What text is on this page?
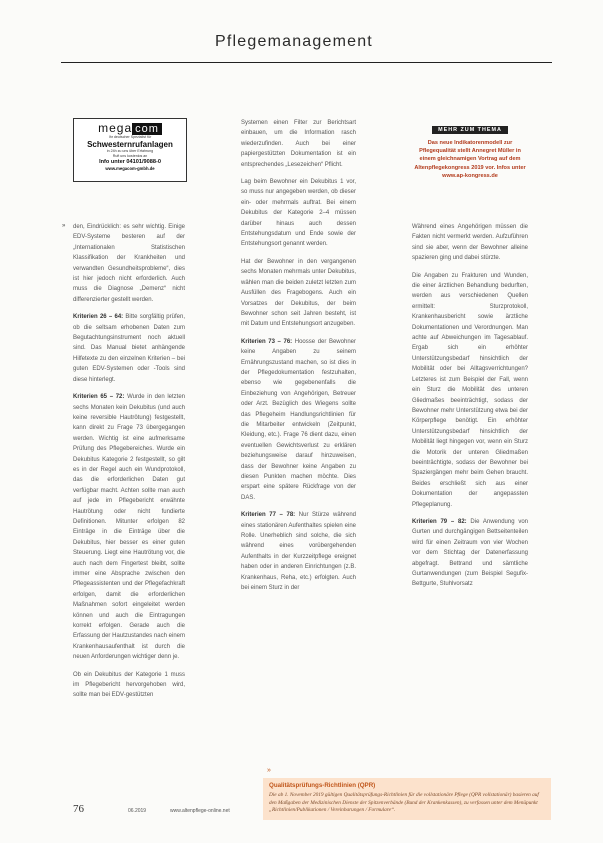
Pflegemanagement
mega com
Ihr deutscher Spezialist für
Schwesternrufanlagen
in 24h zu uns über Erfahrung
Ruft uns kostenlos an
Info unter 04101/9088-0
www.megacom-gmbh.de
MEHR ZUM THEMA
Das neue Indikatorenmodell zur Pflegequalität stellt Annegret Müller in einem gleichnamigen Vortrag auf dem Altenpflegekongress 2019 vor. Infos unter www.ap-kongress.de
» den, Eindrücklich: es sehr wichtig. Einige EDV-Systeme besteren auf der „Internationalen Statistischen Klassifikation der Krankheiten und verwandten Gesundheitsprobleme“, dies ist hier jedoch nicht erforderlich. Auch muss die Diagnose „Demenz“ nicht differenzierter gestellt werden.

Kriterien 26 – 64: Bitte sorgfältig prüfen, ob die seltsam erhobenen Daten zum Begutachtungsinstrument noch aktuell sind. Das Manual bietet anhängende Hilfetexte zu den einzelnen Kriterien – bei guten EDV-Systemen oder -Tools sind diese hinterlegt.

Kriterien 65 – 72: Wurde in den letzten sechs Monaten kein Dekubitus (und auch keine reversible Hautrötung) festgestellt, kann direkt zu Frage 73 übergegangen werden. Wichtig ist eine aufmerksame Prüfung des Pflegebereiches. Wurde ein Dekubitus Kategorie 2 festgestellt, so gilt es in der Regel auch ein Wundprotokoll, das die erforderlichen Daten gut verfügbar macht. Achten sollte man auch auf jede im Pflegebericht erwähnte Hautrötung oder nicht fundierte Definitionen. Mitunter erfolgen 82 Einträge in die Einträge über die Dekubitus, hier besser es einer guten Steuerung. Liegt eine Hautrötung vor, die auch nach dem Fingertest bleibt, sollte immer eine Absprache zwischen den Pflegeassistenten und der Pflegefachkraft erfolgen, damit die erforderlichen Maßnahmen sofort eingeleitet werden können und auch die Eintragungen korrekt erfolgen. Gerade auch die Erfassung der Hautzustandes nach einem Krankenhausaufenthalt ist durch die neuen Anforderungen wichtiger denn je.

Ob ein Dekubitus der Kategorie 1 muss im Pflegebericht hervorgehoben wird, sollte man bei EDV-gestützten

Systemen einen Filter zur Berichtsart einbauen, um die Information rasch wiederzufinden. Auch bei einer papiergestützten Dokumentation ist ein entsprechendes „Lesezeichen“ Pflicht.

Lag beim Bewohner ein Dekubitus 1 vor, so muss nur angegeben werden, ob dieser ein- oder mehrmals auftrat. Bei einem Dekubitus der Kategorie 2–4 müssen darüber hinaus auch dessen Entstehungsdatum und Ende sowie der Entstehungsort genannt werden.

Hat der Bewohner in den vergangenen sechs Monaten mehrmals unter Dekubitus, wählen man die beiden zuletzt letzten zum Ausfüllen des Fragebogens. Auch ein Vorsatzes der Dekubitus, der beim Bewohner schon seit Jahren besteht, ist mit Datum und Entstehungsort anzugeben.

Kriterien 73 – 76: Hoosse der Bewohner keine Angaben zu seinem Ernährungszustand machen, so ist dies in der Pflegedokumentation festzuhalten, ebenso wie gegebenenfalls die Einbeziehung von Angehörigen, Betreuer oder Arzt. Bezüglich des Wiegens sollte das Pflegeheim Handlungsrichtlinien für die Mitarbeiter entwickeln (Zeitpunkt, Kleidung, etc.). Frage 76 dient dazu, einen eventuellen Gewichtsverlust zu erklären beziehungsweise darauf hinzuweisen, dass der Bewohner keine Angaben zu diesen Punkten machen möchte. Dies erspart eine spätere Rückfrage von der DAS.

Kriterien 77 – 78: Nur Stürze während eines stationären Aufenthaltes spielen eine Rolle. Unerheblich sind solche, die sich während eines vorübergehenden Aufenthalts in der Kurzzeitpflege ereignet haben oder in anderen Einrichtungen (z.B. Krankenhaus, Reha, etc.) erfolgten. Auch bei einem Sturz in der

Während eines Angehörigen müssen die Fakten nicht vermerkt werden. Aufzuführen sind sie aber, wenn der Bewohner alleine spazieren ging und dabei stürzte.

Die Angaben zu Frakturen und Wunden, die einer ärztlichen Behandlung bedurften, werden aus verschiedenen Quellen ermittelt: Sturzprotokoll, Krankenhausbericht sowie ärztliche Dokumentationen und Verordnungen. Man achte auf Abweichungen im Tagesablauf. Ergab sich ein erhöhter Unterstützungsbedarf hinsichtlich der Mobilität oder bei Alltagsverrichtungen? Letzteres ist zum Beispiel der Fall, wenn ein Sturz die Mobilität des unteren Gliedmaßes beeinträchtigt, sodass der Bewohner mehr Unterstützung etwa bei der Körperpflege benötigt. Ein erhöhter Unterstützungsbedarf hinsichtlich der Mobilität liegt hingegen vor, wenn ein Sturz die Motorik der unteren Gliedmaßen beeinträchtigte, sodass der Bewohner bei Spaziergängen mehr beim Gehen braucht. Beides erschließt sich aus einer Dokumentation der angepassten Pflegeplanung.

Kriterien 79 – 82: Die Anwendung von Gurten und durchgängigen Bettseitenteilen wird für einen Zeitraum von vier Wochen vor dem Stichtag der Datenerfassung abgefragt. Bettrand und sämtliche Gurtanwendungen (zum Beispiel Segufix-Bettgurte, Stuhlvorsatz

»
Qualitätsprüfungs-Richtlinien (QPR)
Die ab 1. November 2019 gültigen Qualitätsprüfungs-Richtlinien für die vollstationäre Pflege (QPR vollstationär) basieren auf den Maßgaben der Medizinischen Dienste der Spitzenverbände (Bund der Krankenkassen), zu verfassen unter dem Menüpunkt „Richtlinien/Publikationen / Vereinbarungen / Formulare“.
76	06.2019	www.altenpflege-online.net
